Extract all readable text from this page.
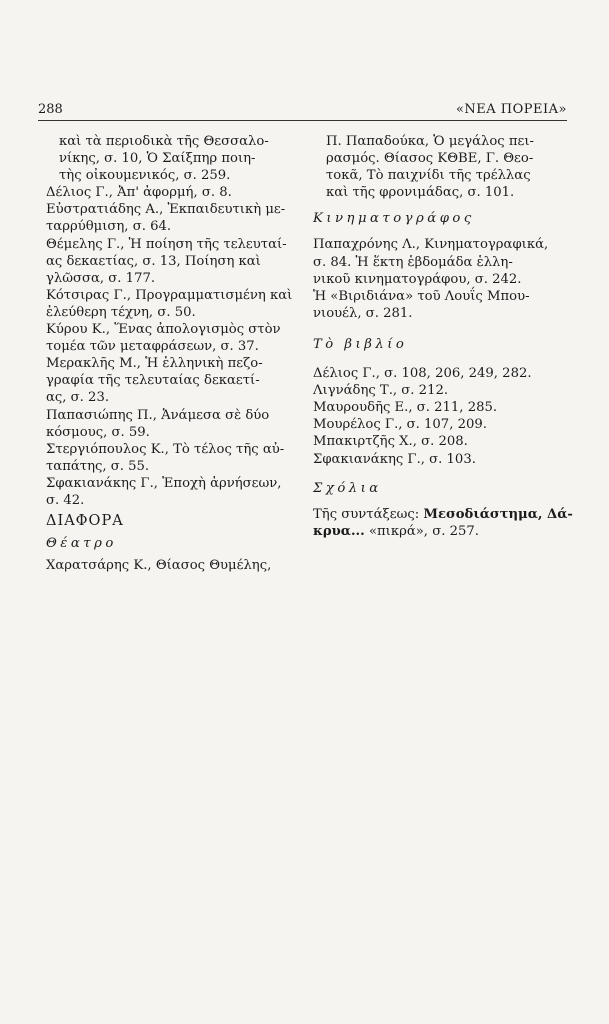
288	«ΝΕΑ ΠΟΡΕΙΑ»
καὶ τὰ περιοδικὰ τῆς Θεσσαλο-
νίκης, σ. 10, Ὁ Σαίξπηρ ποιη-
τὴς οἰκουμενικός, σ. 259.
Δέλιος Γ., Ἀπ' ἀφορμή, σ. 8.
Εὐστρατιάδης Α., Ἐκπαιδευτικὴ με-
ταρρύθμιση, σ. 64.
Θέμελης Γ., Ἡ ποίηση τῆς τελευταί-
ας δεκαετίας, σ. 13, Ποίηση καὶ
γλῶσσα, σ. 177.
Κότσιρας Γ., Προγραμματισμένη καὶ
ἐλεύθερη τέχνη, σ. 50.
Κύρου Κ., Ἕνας ἀπολογισμὸς στὸν
τομέα τῶν μεταφράσεων, σ. 37.
Μερακλῆς Μ., Ἡ ἑλληνικὴ πεζο-
γραφία τῆς τελευταίας δεκαετί-
ας, σ. 23.
Παπασιώπης Π., Ἀνάμεσα σὲ δύο
κόσμους, σ. 59.
Στεργιόπουλος Κ., Τὸ τέλος τῆς αὐ-
ταπάτης, σ. 55.
Σφακιανάκης Γ., Ἐποχὴ ἀρνήσεων,
σ. 42.
ΔΙΑΦΟΡΑ
Θέατρο
Χαρατσάρης Κ., Θίασος Θυμέλης,
Π. Παπαδούκα, Ὁ μεγάλος πει-
ρασμός. Θίασος ΚΘΒΕ, Γ. Θεο-
τοκᾶ, Τὸ παιχνίδι τῆς τρέλλας
καὶ τῆς φρονιμάδας, σ. 101.
Κινηματογράφος
Παπαχρόνης Λ., Κινηματογραφικά,
σ. 84. Ἡ ἕκτη ἑβδομάδα ἑλλη-
νικοῦ κινηματογράφου, σ. 242.
Ἡ «Βιριδιάνα» τοῦ Λουΐς Μπου-
νιουέλ, σ. 281.
Τὸ βιβλίο
Δέλιος Γ., σ. 108, 206, 249, 282.
Λιγνάδης Τ., σ. 212.
Μαυρουδῆς Ε., σ. 211, 285.
Μουρέλος Γ., σ. 107, 209.
Μπακιρτζῆς Χ., σ. 208.
Σφακιανάκης Γ., σ. 103.
Σχόλια
Τῆς συντάξεως: Μεσοδιάστημα, Δά-
κρυα... «πικρά», σ. 257.
